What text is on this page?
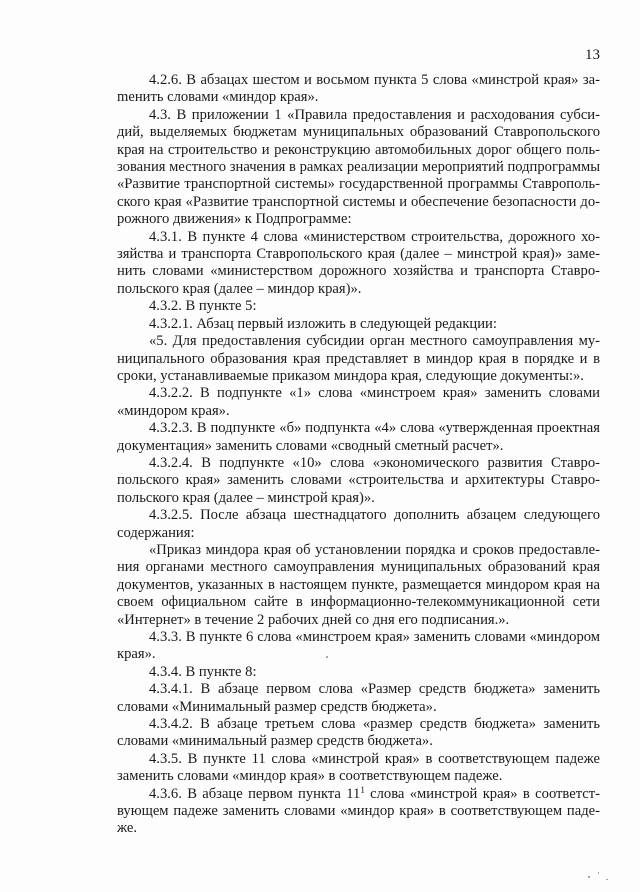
13

4.2.6. В абзацах шестом и восьмом пункта 5 слова «минстрой края» заmенить словами «миндор края».

4.3. В приложении 1 «Правила предоставления и расходования субсидий, выделяемых бюджетам муниципальных образований Ставропольского края на строительство и реконструкцию автомобильных дорог общего пользования местного значения в рамках реализации мероприятий подпрограммы «Развитие транспортной системы» государственной программы Ставропольского края «Развитие транспортной системы и обеспечение безопасности дорожного движения» к Подпрограмме:

4.3.1. В пункте 4 слова «министерством строительства, дорожного хозяйства и транспорта Ставропольского края (далее – минстрой края)» заменить словами «министерством дорожного хозяйства и транспорта Ставропольского края (далее – миндор края)».

4.3.2. В пункте 5:

4.3.2.1. Абзац первый изложить в следующей редакции:

«5. Для предоставления субсидии орган местного самоуправления муниципального образования края представляет в миндор края в порядке и в сроки, устанавливаемые приказом миндора края, следующие документы:».

4.3.2.2. В подпункте «1» слова «минстроем края» заменить словами «миндором края».

4.3.2.3. В подпункте «б» подпункта «4» слова «утвержденная проектная документация» заменить словами «сводный сметный расчет».

4.3.2.4. В подпункте «10» слова «экономического развития Ставропольского края» заменить словами «строительства и архитектуры Ставропольского края (далее – минстрой края)».

4.3.2.5. После абзаца шестнадцатого дополнить абзацем следующего содержания:

«Приказ миндора края об установлении порядка и сроков предоставления органами местного самоуправления муниципальных образований края документов, указанных в настоящем пункте, размещается миндором края на своем официальном сайте в информационно-телекоммуникационной сети «Интернет» в течение 2 рабочих дней со дня его подписания.».

4.3.3. В пункте 6 слова «минстроем края» заменить словами «миндором края».

4.3.4. В пункте 8:

4.3.4.1. В абзаце первом слова «Размер средств бюджета» заменить словами «Минимальный размер средств бюджета».

4.3.4.2. В абзаце третьем слова «размер средств бюджета» заменить словами «минимальный размер средств бюджета».

4.3.5. В пункте 11 слова «минстрой края» в соответствующем падеже заменить словами «миндор края» в соответствующем падеже.

4.3.6. В абзаце первом пункта $11^1$ слова «минстрой края» в соответствующем падеже заменить словами «миндор края» в соответствующем падеже.
